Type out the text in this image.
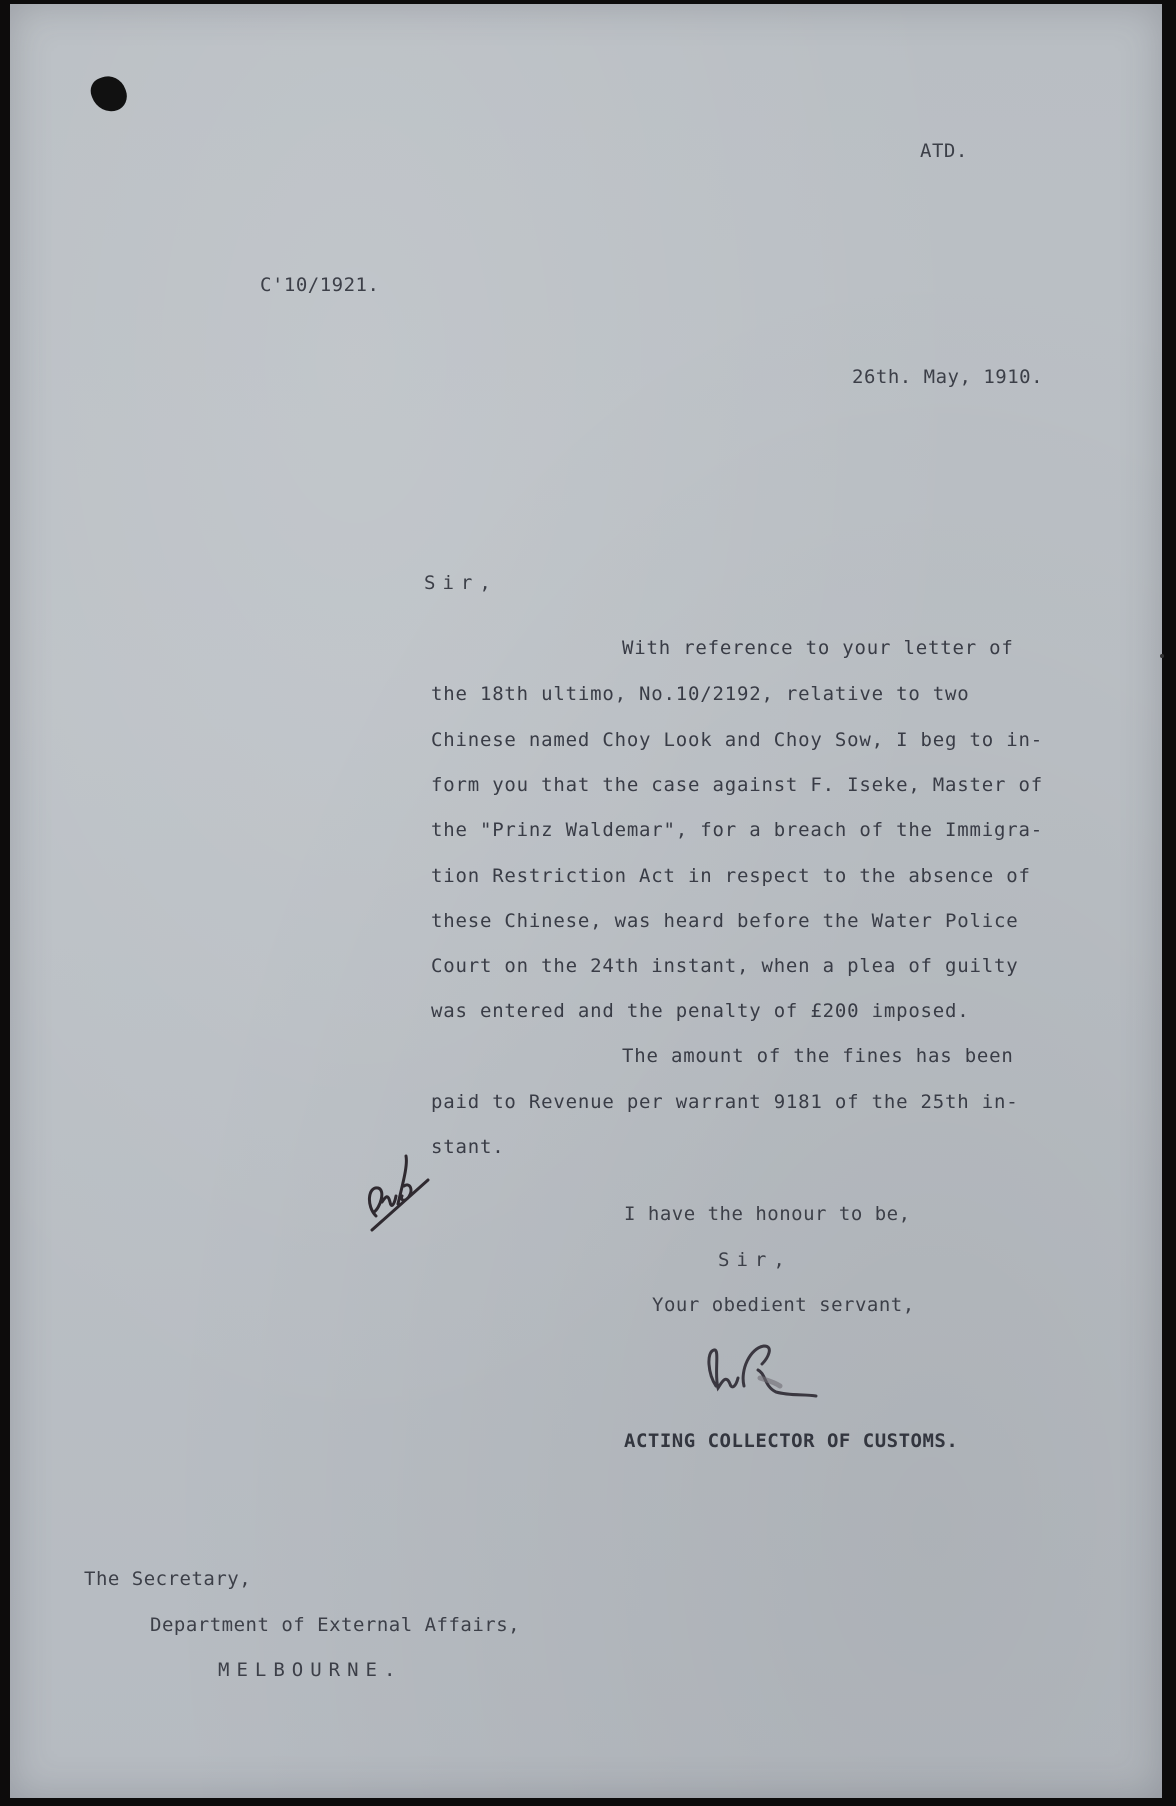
ATD.
C'10/1921.
26th. May, 1910.
Sir,
With reference to your letter of
the 18th ultimo, No.10/2192, relative to two
Chinese named Choy Look and Choy Sow, I beg to in-
form you that the case against F. Iseke, Master of
the "Prinz Waldemar", for a breach of the Immigra-
tion Restriction Act in respect to the absence of
these Chinese, was heard before the Water Police
Court on the 24th instant, when a plea of guilty
was entered and the penalty of £200 imposed.
The amount of the fines has been
paid to Revenue per warrant 9181 of the 25th in-
stant.
I have the honour to be,
Sir,
Your obedient servant,
ACTING COLLECTOR OF CUSTOMS.
The Secretary,
Department of External Affairs,
MELBOURNE.
